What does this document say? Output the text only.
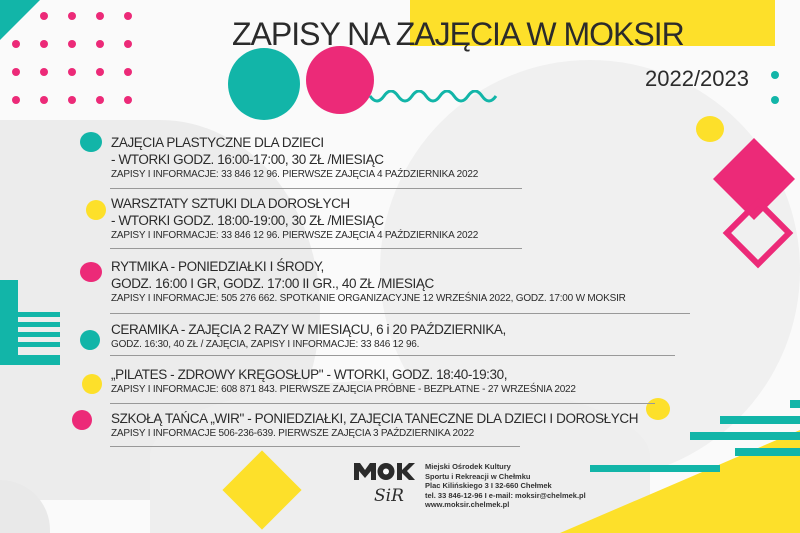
ZAPISY NA ZAJĘCIA W MOKSIR
2022/2023
ZAJĘCIA PLASTYCZNE DLA DZIECI
- WTORKI GODZ. 16:00-17:00, 30 ZŁ /MIESIĄC
ZAPISY I INFORMACJE: 33 846 12 96. PIERWSZE ZAJĘCIA 4 PAŹDZIERNIKA 2022
WARSZTATY SZTUKI DLA DOROSŁYCH
- WTORKI GODZ. 18:00-19:00, 30 ZŁ /MIESIĄC
ZAPISY I INFORMACJE: 33 846 12 96. PIERWSZE ZAJĘCIA 4 PAŹDZIERNIKA 2022
RYTMIKA - PONIEDZIAŁKI I ŚRODY,
GODZ. 16:00 I GR, GODZ. 17:00 II GR., 40 ZŁ /MIESIĄC
ZAPISY I INFORMACJE: 505 276 662. SPOTKANIE ORGANIZACYJNE 12 WRZEŚNIA 2022, GODZ. 17:00 W MOKSIR
CERAMIKA - ZAJĘCIA 2 RAZY W MIESIĄCU, 6 i 20 PAŹDZIERNIKA,
GODZ. 16:30, 40 ZŁ / ZAJĘCIA, ZAPISY I INFORMACJE: 33 846 12 96.
„PILATES - ZDROWY KRĘGOSŁUP" - WTORKI, GODZ. 18:40-19:30,
ZAPISY I INFORMACJE: 608 871 843. PIERWSZE ZAJĘCIA PRÓBNE - BEZPŁATNE - 27 WRZEŚNIA 2022
SZKOŁĄ TAŃCA „WIR" - PONIEDZIAŁKI, ZAJĘCIA TANECZNE DLA DZIECI I DOROSŁYCH
ZAPISY I INFORMACJE 506-236-639. PIERWSZE ZAJĘCIA 3 PAŹDZIERNIKA 2022
SiR
Miejski Ośrodek Kultury
Sportu i Rekreacji w Chełmku
Plac Kilińskiego 3 I 32-660 Chełmek
tel. 33 846-12-96 I e-mail: moksir@chelmek.pl
www.moksir.chelmek.pl
